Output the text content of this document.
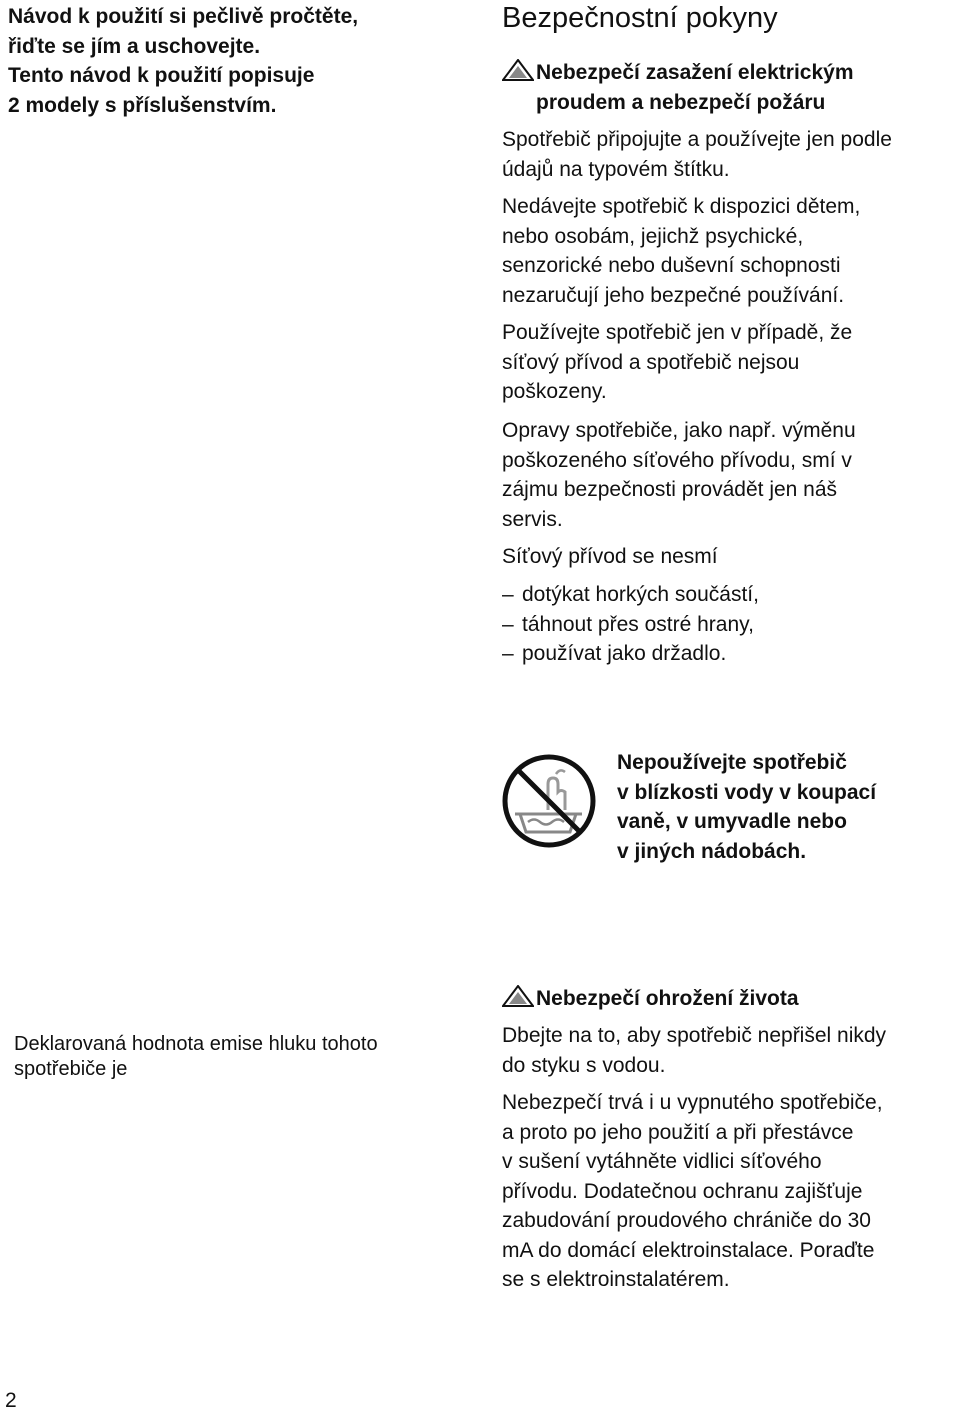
Návod k použití si pečlivě pročtěte,
řiďte se jím a uschovejte.
Tento návod k použití popisuje
2 modely s příslušenstvím.
Bezpečnostní pokyny
Nebezpečí zasažení elektrickým
proudem a nebezpečí požáru
Spotřebič připojujte a používejte jen podle
údajů na typovém štítku.
Nedávejte spotřebič k dispozici dětem,
nebo osobám, jejichž psychické,
senzorické nebo duševní schopnosti
nezaručují jeho bezpečné používání.
Používejte spotřebič jen v případě, že
síťový přívod a spotřebič nejsou
poškozeny.
Opravy spotřebiče, jako např. výměnu
poškozeného síťového přívodu, smí v
zájmu bezpečnosti provádět jen náš
servis.
Síťový přívod se nesmí
– dotýkat horkých součástí,
– táhnout přes ostré hrany,
– používat jako držadlo.
Nepoužívejte spotřebič
v blízkosti vody v koupací
vaně, v umyvadle nebo
v jiných nádobách.
Deklarovaná hodnota emise hluku tohoto
spotřebiče je
Nebezpečí ohrožení života
Dbejte na to, aby spotřebič nepřišel nikdy
do styku s vodou.
Nebezpečí trvá i u vypnutého spotřebiče,
a proto po jeho použití a při přestávce
v sušení vytáhněte vidlici síťového
přívodu. Dodatečnou ochranu zajišťuje
zabudování proudového chrániče do 30
mA do domácí elektroinstalace. Poraďte
se s elektroinstalatérem.
2
